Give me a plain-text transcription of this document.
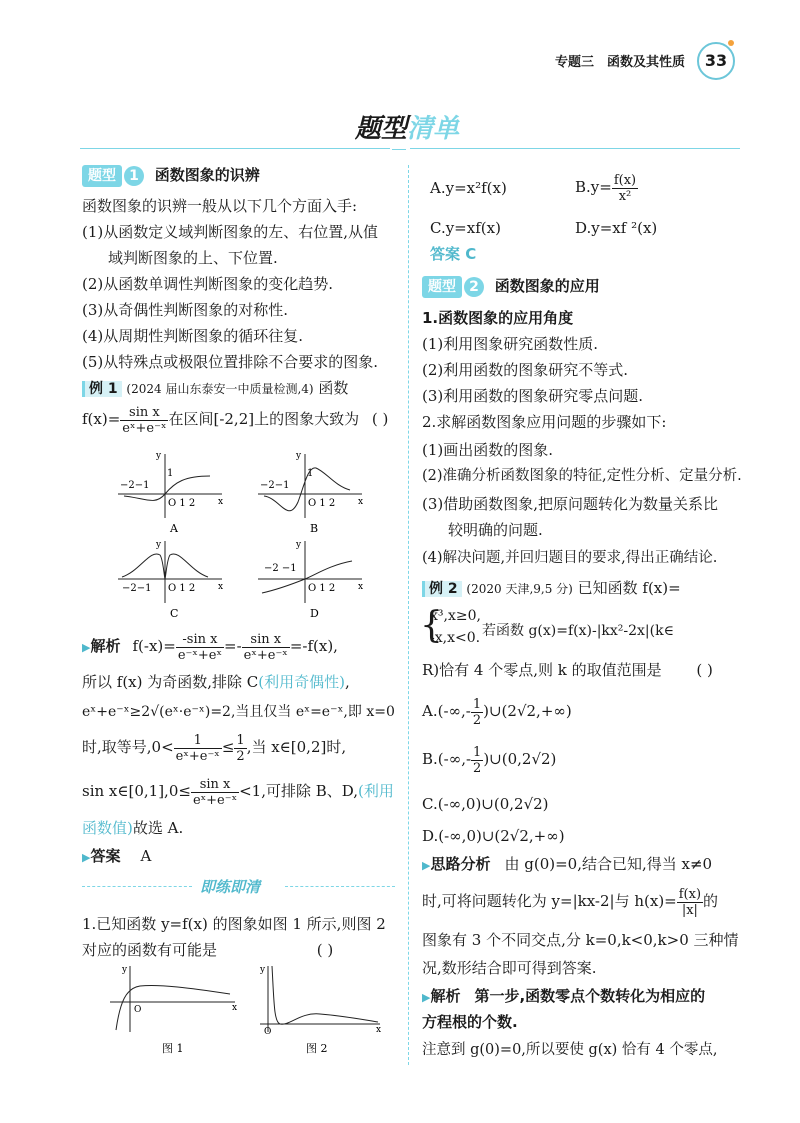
专题三 函数及其性质	33
题型清单
题型 1 函数图象的识辨
函数图象的识辨一般从以下几个方面入手:
(1)从函数定义域判断图象的左、右位置,从值
域判断图象的上、下位置.
(2)从函数单调性判断图象的变化趋势.
(3)从奇偶性判断图象的对称性.
(4)从周期性判断图象的循环往复.
(5)从特殊点或极限位置排除不合要求的图象.
例 1 (2024 届山东泰安一中质量检测,4) 函数
$f(x)= \frac{\text{sin x}}{\text{eˣ+e⁻ˣ}}$ 在区间[-2,2]上的图象大致为 ( )
y
x
−2−1
1
O 1 2
A
y
x
−2−1
1
O 1 2
B
y
x
−2−1 O 1 2
C
y
x
−2 −1
O 1 2
D
▶解析 $f(-x)= \frac{\text{-sin x}}{\text{e⁻ˣ+eˣ}} =- \frac{\text{sin x}}{\text{eˣ+e⁻ˣ}} =-f(x)$,
所以 f(x) 为奇函数,排除 C(利用奇偶性),
eˣ+e⁻ˣ≥2√(eˣ·e⁻ˣ)=2,当且仅当 eˣ=e⁻ˣ,即 x=0
时,取等号$,0< \frac{1}{\text{eˣ+e⁻ˣ}} \le \frac{1}{2}$ ,当 x∈[0,2]时,
sin x∈[0,1],0≤ $\frac{\text{sin x}}{\text{eˣ+e⁻ˣ}} <1$,可排除 B、D,(利用
函数值)故选 A.
▶答案 A
即练即清
1.已知函数 y=f(x) 的图象如图 1 所示,则图 2
对应的函数有可能是	( )
y
x
O
图 1
y
x
O
图 2
A.y=x²f(x)	$B.y= \frac{f(x)}{\text{x²}}$
C.y=xf(x)	D.y=xf ²(x)
答案 C
题型 2 函数图象的应用
1.函数图象的应用角度
(1)利用图象研究函数性质.
(2)利用函数的图象研究不等式.
(3)利用函数的图象研究零点问题.
2.求解函数图象应用问题的步骤如下:
(1)画出函数的图象.
(2)准确分析函数图象的特征,定性分析、定量分析.
(3)借助函数图象,把原问题转化为数量关系比
较明确的问题.
(4)解决问题,并回归题目的要求,得出正确结论.
例 2 (2020 天津,9,5 分) 已知函数 f(x)=
{
x³,x≥0,
-x,x<0. 若函数 g(x)=f(x)-|kx²-2x|(k∈
R)恰有 4 个零点,则 k 的取值范围是 ( )
$A.(-\infty,- \frac{1}{2}$ )∪(2√2,+∞)
$B.(-\infty,- \frac{1}{2}$ )∪(0,2√2)
C.(-∞,0)∪(0,2√2)
D.(-∞,0)∪(2√2,+∞)
▶思路分析 由 g(0)=0,结合已知,得当 x≠0
时,可将问题转化为 y=|kx-2|与 $h(x)= \frac{f(x)}{|x|}$ 的
图象有 3 个不同交点,分 k=0,k<0,k>0 三种情
况,数形结合即可得到答案.
▶解析 第一步,函数零点个数转化为相应的
方程根的个数.
注意到 g(0)=0,所以要使 g(x) 恰有 4 个零点,
